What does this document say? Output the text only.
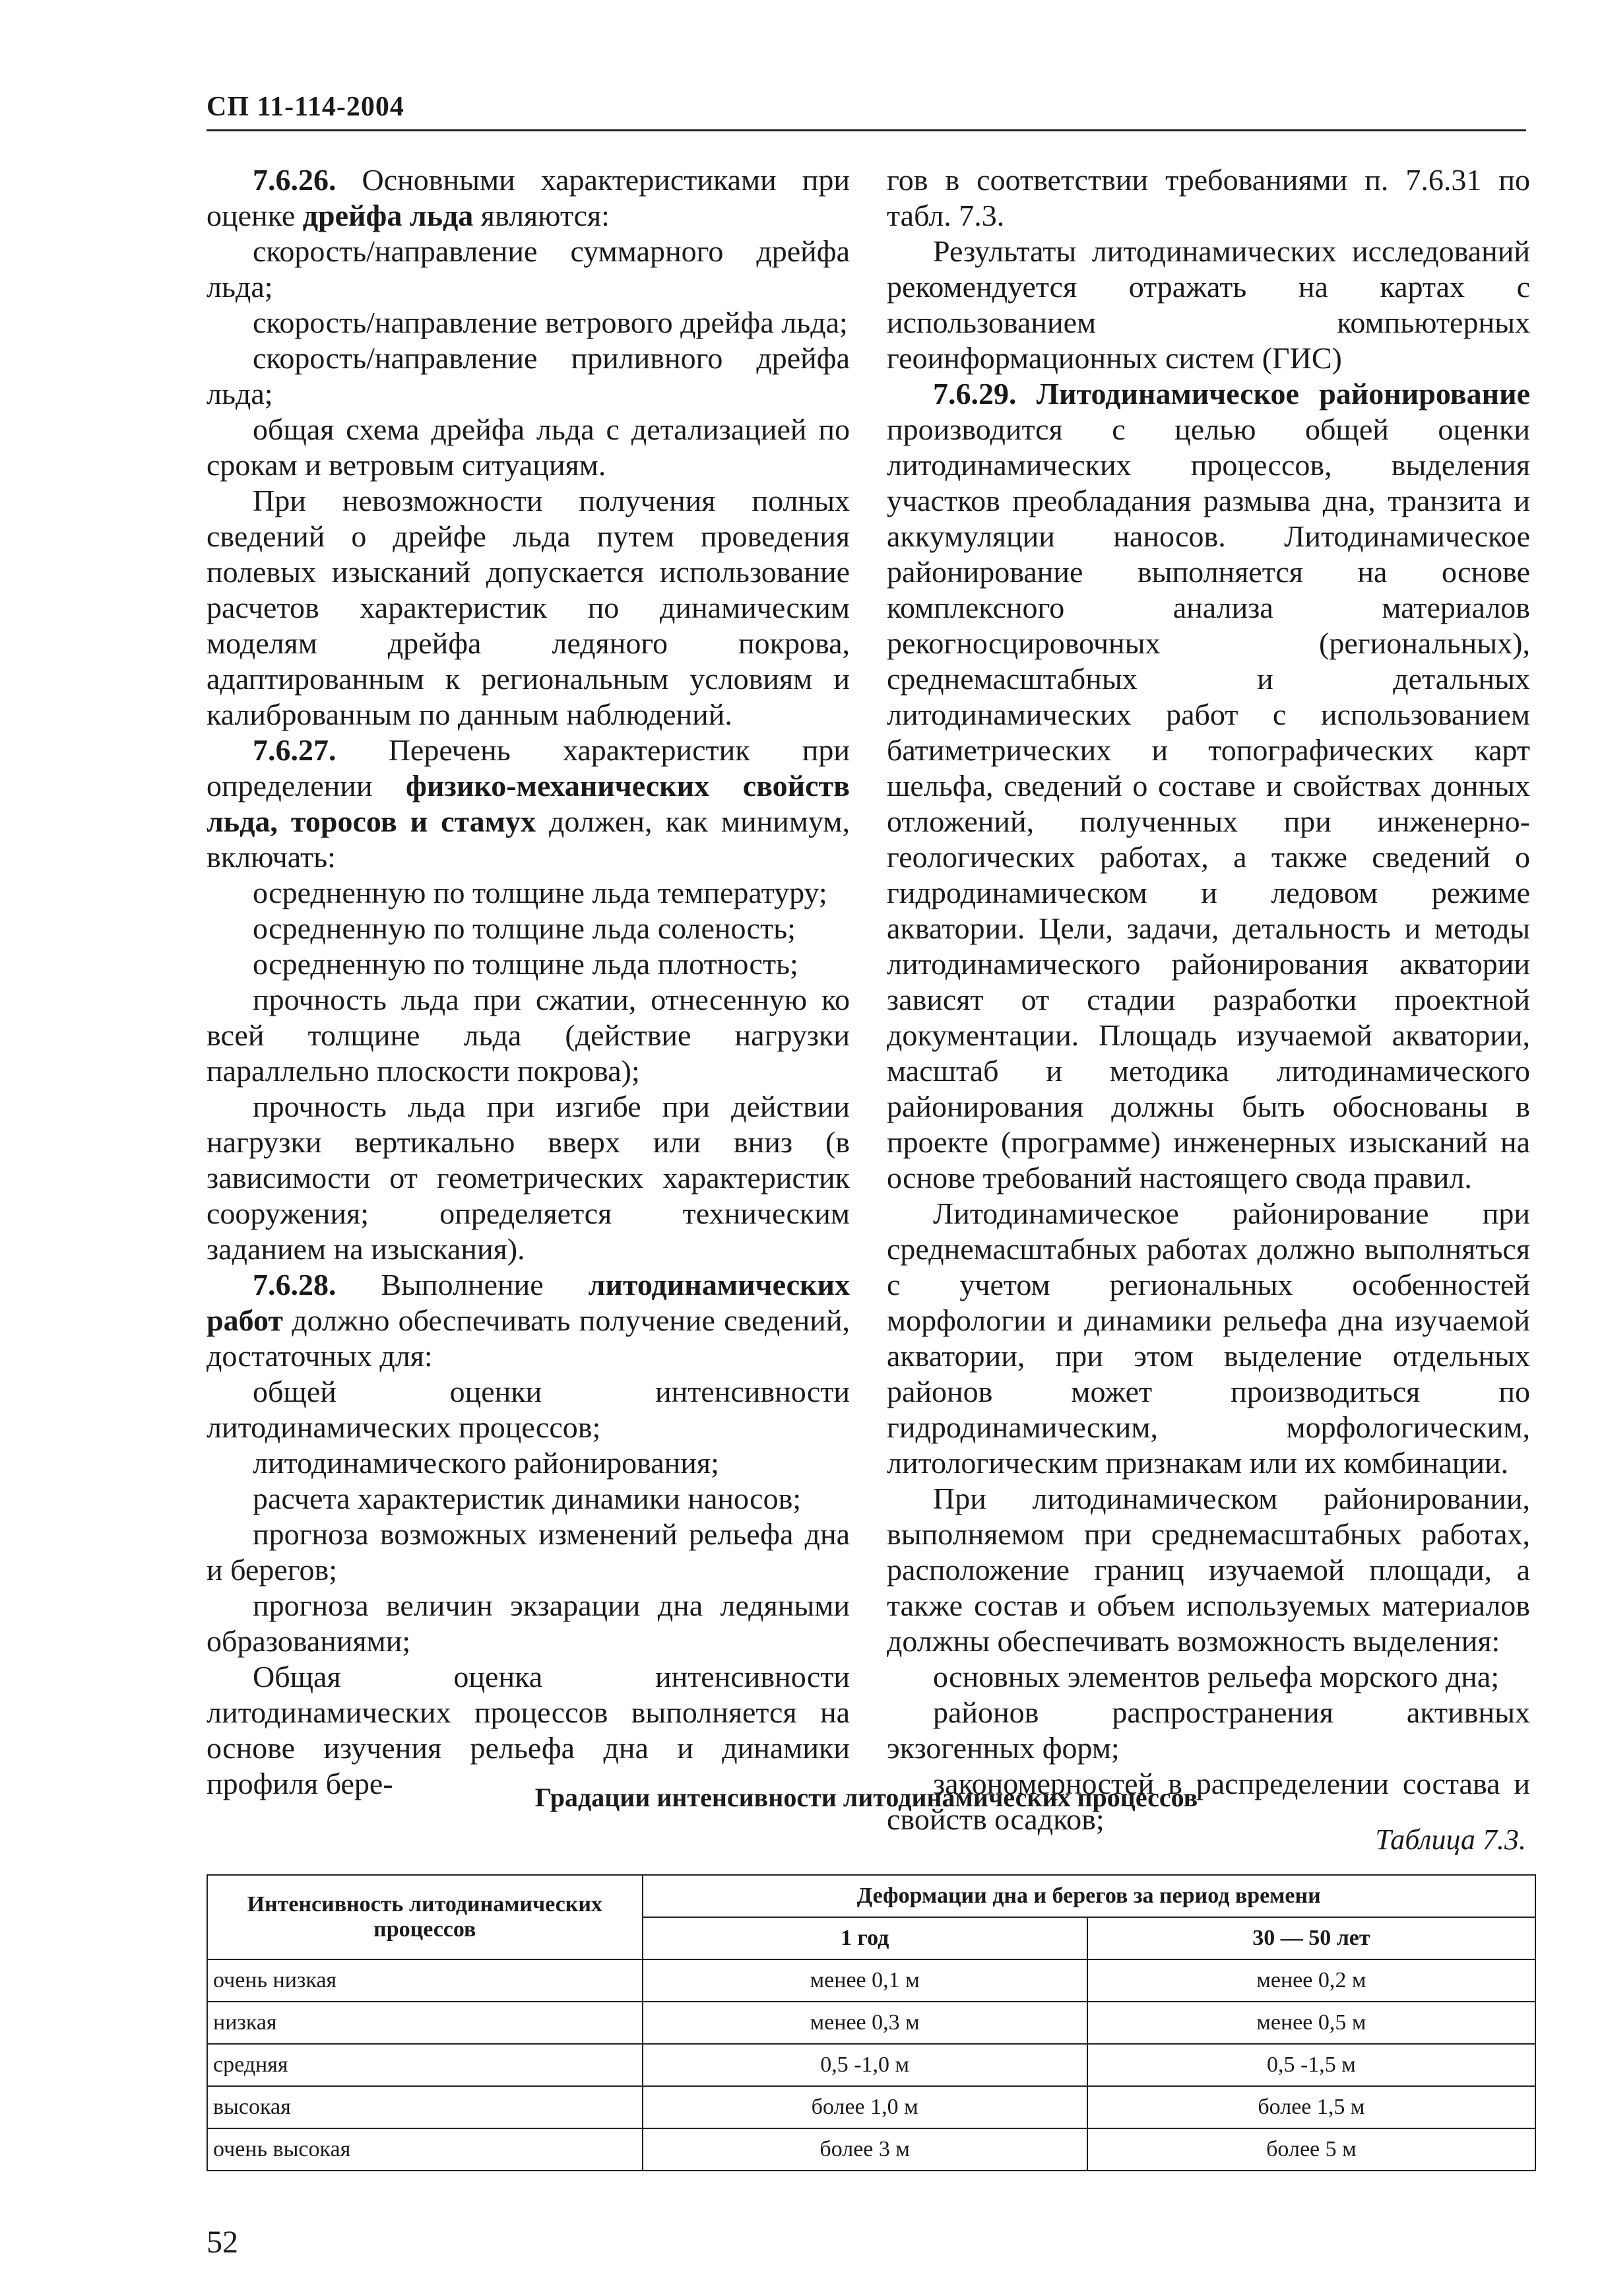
СП 11-114-2004

7.6.26. Основными характеристиками при оценке дрейфа льда являются:

скорость/направление суммарного дрейфа льда;

скорость/направление ветрового дрейфа льда;

скорость/направление приливного дрейфа льда;

общая схема дрейфа льда с детализацией по срокам и ветровым ситуациям.

При невозможности получения полных сведений о дрейфе льда путем проведения полевых изысканий допускается использование расчетов характеристик по динамическим моделям дрейфа ледяного покрова, адаптированным к региональным условиям и калиброванным по данным наблюдений.

7.6.27. Перечень характеристик при определении физико-механических свойств льда, торосов и стамух должен, как минимум, включать:

осредненную по толщине льда температуру;

осредненную по толщине льда соленость;

осредненную по толщине льда плотность;

прочность льда при сжатии, отнесенную ко всей толщине льда (действие нагрузки параллельно плоскости покрова);

прочность льда при изгибе при действии нагрузки вертикально вверх или вниз (в зависимости от геометрических характеристик сооружения; определяется техническим заданием на изыскания).

7.6.28. Выполнение литодинамических работ должно обеспечивать получение сведений, достаточных для:

общей оценки интенсивности литодинамических процессов;

литодинамического районирования;

расчета характеристик динамики наносов;

прогноза возможных изменений рельефа дна и берегов;

прогноза величин экзарации дна ледяными образованиями;

Общая оценка интенсивности литодинамических процессов выполняется на основе изучения рельефа дна и динамики профиля бере-

гов в соответствии требованиями п. 7.6.31 по табл. 7.3.

Результаты литодинамических исследований рекомендуется отражать на картах с использованием компьютерных геоинформационных систем (ГИС)

7.6.29. Литодинамическое районирование производится с целью общей оценки литодинамических процессов, выделения участков преобладания размыва дна, транзита и аккумуляции наносов. Литодинамическое районирование выполняется на основе комплексного анализа материалов рекогносцировочных (региональных), среднемасштабных и детальных литодинамических работ с использованием батиметрических и топографических карт шельфа, сведений о составе и свойствах донных отложений, полученных при инженерно-геологических работах, а также сведений о гидродинамическом и ледовом режиме акватории. Цели, задачи, детальность и методы литодинамического районирования акватории зависят от стадии разработки проектной документации. Площадь изучаемой акватории, масштаб и методика литодинамического районирования должны быть обоснованы в проекте (программе) инженерных изысканий на основе требований настоящего свода правил.

Литодинамическое районирование при среднемасштабных работах должно выполняться с учетом региональных особенностей морфологии и динамики рельефа дна изучаемой акватории, при этом выделение отдельных районов может производиться по гидродинамическим, морфологическим, литологическим признакам или их комбинации.

При литодинамическом районировании, выполняемом при среднемасштабных работах, расположение границ изучаемой площади, а также состав и объем используемых материалов должны обеспечивать возможность выделения:

основных элементов рельефа морского дна;

районов распространения активных экзогенных форм;

закономерностей в распределении состава и свойств осадков;

Градации интенсивности литодинамических процессов
Таблица 7.3.
Интенсивность литодинамических процессов	Деформации дна и берегов за период времени	
	1 год	30 — 50 лет
очень низкая	менее 0,1 м	менее 0,2 м
низкая	менее 0,3 м	менее 0,5 м
средняя	0,5 -1,0 м	0,5 -1,5 м
высокая	более 1,0 м	более 1,5 м
очень высокая	более 3 м	более 5 м
52
